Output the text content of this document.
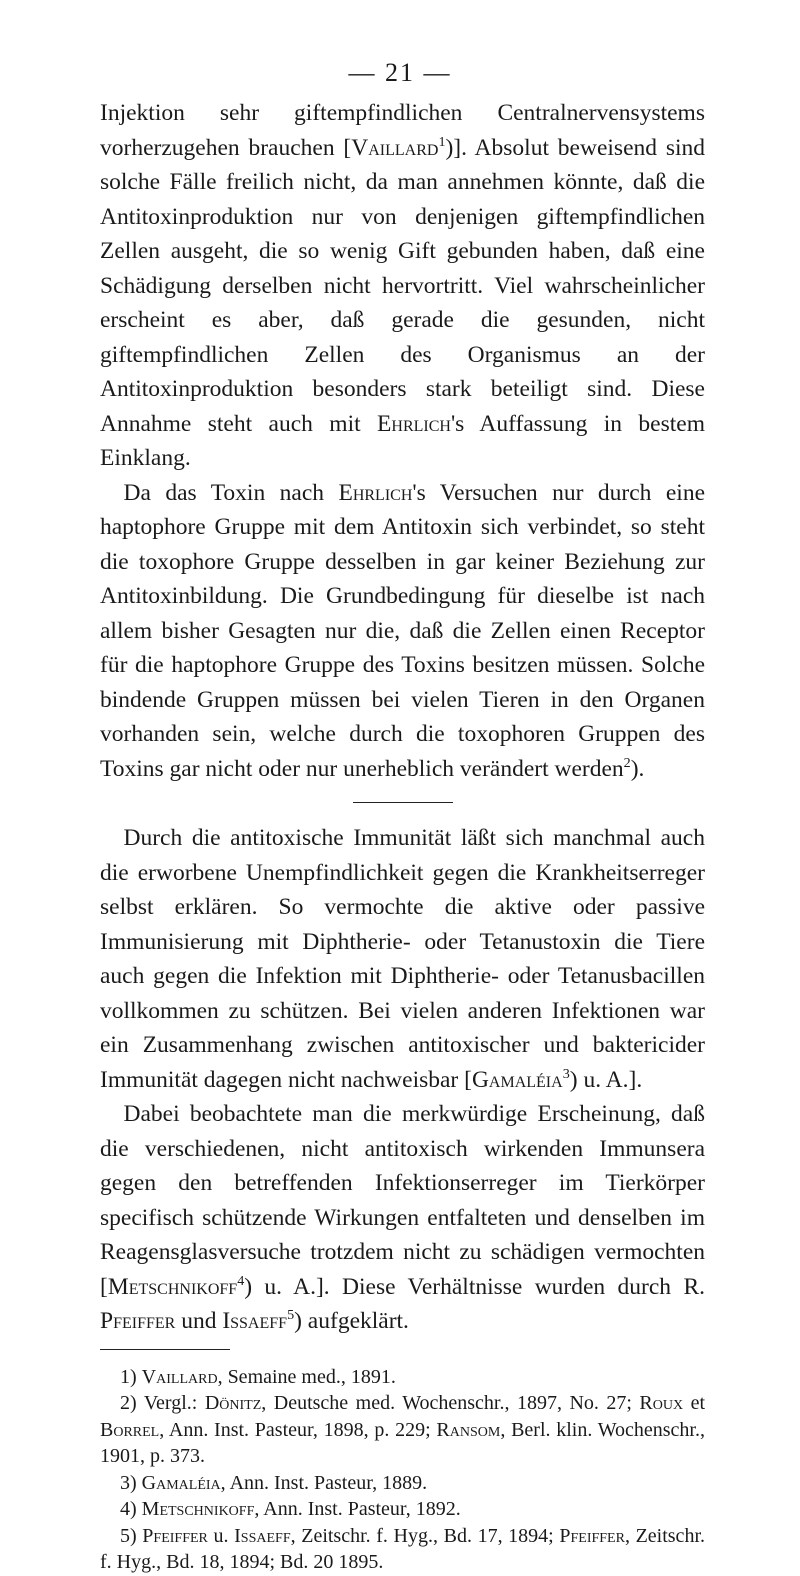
— 21 —

Injektion sehr giftempfindlichen Centralnervensystems vorherzugehen brauchen [Vaillard$^1$)]. Absolut beweisend sind solche Fälle freilich nicht, da man annehmen könnte, daß die Antitoxinproduktion nur von denjenigen giftempfindlichen Zellen ausgeht, die so wenig Gift gebunden haben, daß eine Schädigung derselben nicht hervortritt. Viel wahrscheinlicher erscheint es aber, daß gerade die gesunden, nicht giftempfindlichen Zellen des Organismus an der Antitoxinproduktion besonders stark beteiligt sind. Diese Annahme steht auch mit Ehrlich's Auffassung in bestem Einklang.

Da das Toxin nach Ehrlich's Versuchen nur durch eine haptophore Gruppe mit dem Antitoxin sich verbindet, so steht die toxophore Gruppe desselben in gar keiner Beziehung zur Antitoxinbildung. Die Grundbedingung für dieselbe ist nach allem bisher Gesagten nur die, daß die Zellen einen Receptor für die haptophore Gruppe des Toxins besitzen müssen. Solche bindende Gruppen müssen bei vielen Tieren in den Organen vorhanden sein, welche durch die toxophoren Gruppen des Toxins gar nicht oder nur unerheblich verändert werden$^2$).

Durch die antitoxische Immunität läßt sich manchmal auch die erworbene Unempfindlichkeit gegen die Krankheitserreger selbst erklären. So vermochte die aktive oder passive Immunisierung mit Diphtherie- oder Tetanustoxin die Tiere auch gegen die Infektion mit Diphtherie- oder Tetanusbacillen vollkommen zu schützen. Bei vielen anderen Infektionen war ein Zusammenhang zwischen antitoxischer und baktericider Immunität dagegen nicht nachweisbar [Gamaléia$^3$) u. A.].

Dabei beobachtete man die merkwürdige Erscheinung, daß die verschiedenen, nicht antitoxisch wirkenden Immunsera gegen den betreffenden Infektionserreger im Tierkörper specifisch schützende Wirkungen entfalteten und denselben im Reagensglasversuche trotzdem nicht zu schädigen vermochten [Metschnikoff$^4$) u. A.]. Diese Verhältnisse wurden durch R. Pfeiffer und Issaeff$^5$) aufgeklärt.

1) Vaillard, Semaine med., 1891.

2) Vergl.: Dönitz, Deutsche med. Wochenschr., 1897, No. 27; Roux et Borrel, Ann. Inst. Pasteur, 1898, p. 229; Ransom, Berl. klin. Wochenschr., 1901, p. 373.

3) Gamaléia, Ann. Inst. Pasteur, 1889.

4) Metschnikoff, Ann. Inst. Pasteur, 1892.

5) Pfeiffer u. Issaeff, Zeitschr. f. Hyg., Bd. 17, 1894; Pfeiffer, Zeitschr. f. Hyg., Bd. 18, 1894; Bd. 20 1895.
